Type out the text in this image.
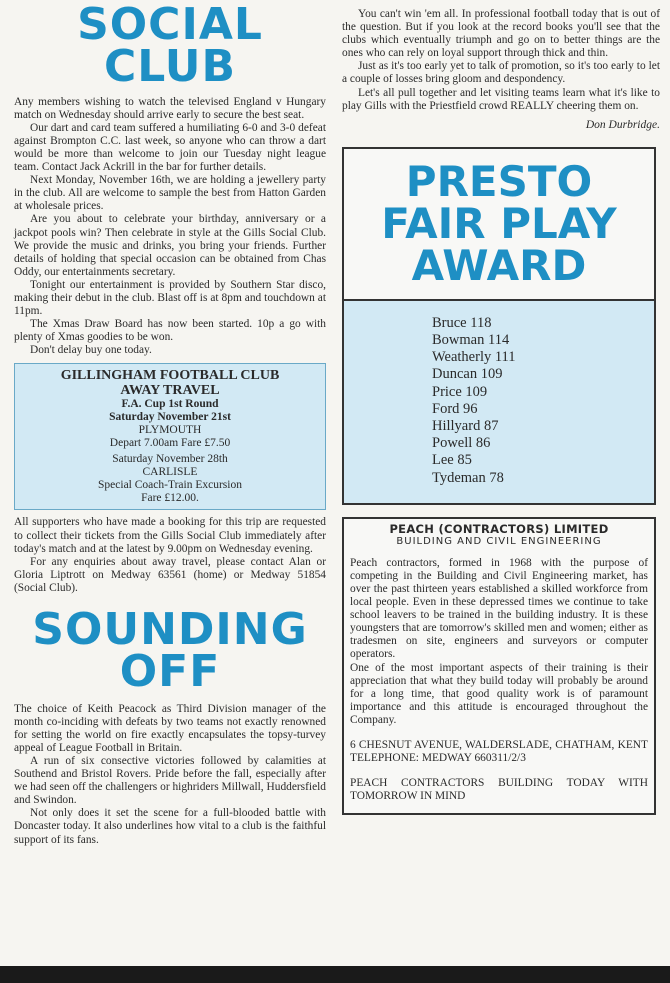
SOCIAL CLUB

Any members wishing to watch the televised England v Hungary match on Wednesday should arrive early to secure the best seat.

Our dart and card team suffered a humiliating 6-0 and 3-0 defeat against Brompton C.C. last week, so anyone who can throw a dart would be more than welcome to join our Tuesday night league team. Contact Jack Ackrill in the bar for further details.

Next Monday, November 16th, we are holding a jewellery party in the club. All are welcome to sample the best from Hatton Garden at wholesale prices.

Are you about to celebrate your birthday, anniversary or a jackpot pools win? Then celebrate in style at the Gills Social Club. We provide the music and drinks, you bring your friends. Further details of holding that special occasion can be obtained from Chas Oddy, our entertainments secretary.

Tonight our entertainment is provided by Southern Star disco, making their debut in the club. Blast off is at 8pm and touchdown at 11pm.

The Xmas Draw Board has now been started. 10p a go with plenty of Xmas goodies to be won.

Don't delay buy one today.

GILLINGHAM FOOTBALL CLUB
AWAY TRAVEL
F.A. Cup 1st Round
Saturday November 21st
PLYMOUTH
Depart 7.00am Fare £7.50
Saturday November 28th
CARLISLE
Special Coach-Train Excursion
Fare £12.00.

All supporters who have made a booking for this trip are requested to collect their tickets from the Gills Social Club immediately after today's match and at the latest by 9.00pm on Wednesday evening.

For any enquiries about away travel, please contact Alan or Gloria Liptrott on Medway 63561 (home) or Medway 51854 (Social Club).

SOUNDING
OFF

The choice of Keith Peacock as Third Division manager of the month co-inciding with defeats by two teams not exactly renowned for setting the world on fire exactly encapsulates the topsy-turvey appeal of League Football in Britain.

A run of six consective victories followed by calamities at Southend and Bristol Rovers. Pride before the fall, especially after we had seen off the challengers or highriders Millwall, Huddersfield and Swindon.

Not only does it set the scene for a full-blooded battle with Doncaster today. It also underlines how vital to a club is the faithful support of its fans.

You can't win 'em all. In professional football today that is out of the question. But if you look at the record books you'll see that the clubs which eventually triumph and go on to better things are the ones who can rely on loyal support through thick and thin.

Just as it's too early yet to talk of promotion, so it's too early to let a couple of losses bring gloom and despondency.

Let's all pull together and let visiting teams learn what it's like to play Gills with the Priestfield crowd REALLY cheering them on.

Don Durbridge.
PRESTO
FAIR PLAY
AWARD
Bruce 118
Bowman 114
Weatherly 111
Duncan 109
Price 109
Ford 96
Hillyard 87
Powell 86
Lee 85
Tydeman 78
PEACH (CONTRACTORS) LIMITED
BUILDING AND CIVIL ENGINEERING

Peach contractors, formed in 1968 with the purpose of competing in the Building and Civil Engineering market, has over the past thirteen years established a skilled workforce from local people. Even in these depressed times we continue to take school leavers to be trained in the building industry. It is these youngsters that are tomorrow's skilled men and women; either as tradesmen on site, engineers and surveyors or computer operators.

One of the most important aspects of their training is their appreciation that what they build today will probably be around for a long time, that good quality work is of paramount importance and this attitude is encouraged throughout the Company.

6 CHESNUT AVENUE, WALDERSLADE, CHATHAM, KENT TELEPHONE: MEDWAY 660311/2/3

PEACH CONTRACTORS BUILDING TODAY WITH TOMORROW IN MIND
